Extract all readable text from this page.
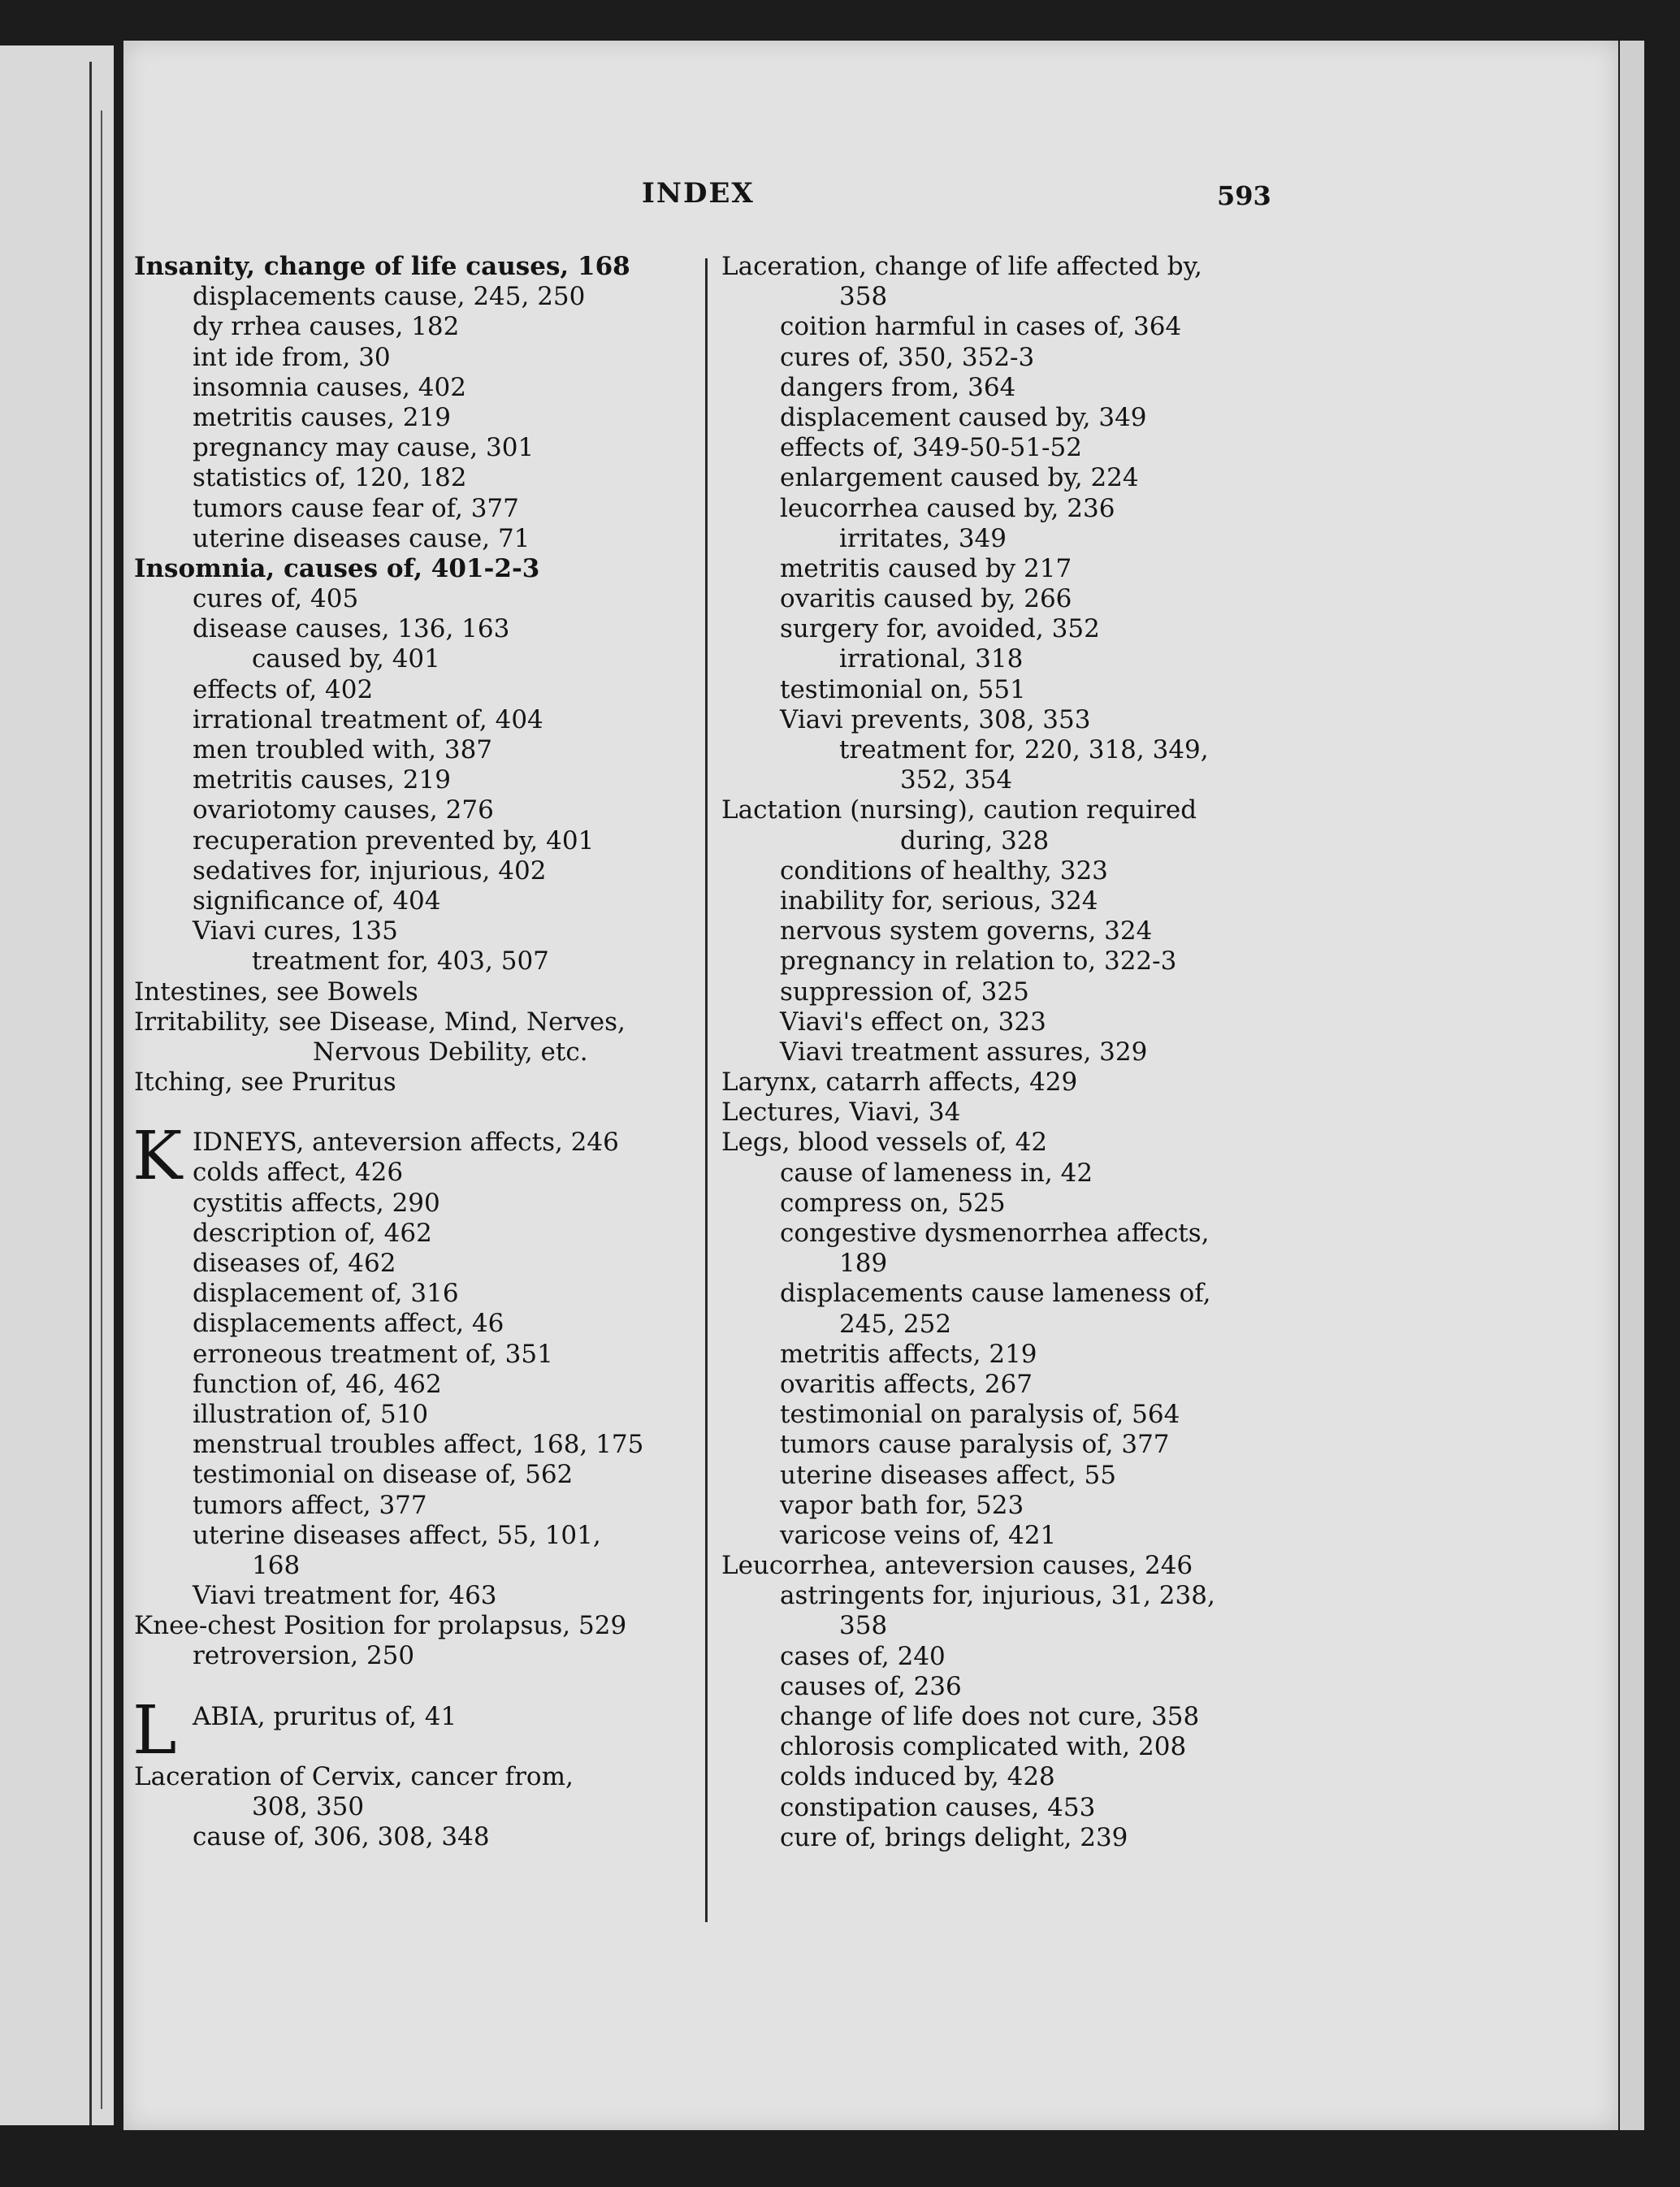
INDEX	593
Insanity, change of life causes, 168
displacements cause, 245, 250
dy rrhea causes, 182
int ide from, 30
insomnia causes, 402
metritis causes, 219
pregnancy may cause, 301
statistics of, 120, 182
tumors cause fear of, 377
uterine diseases cause, 71
Insomnia, causes of, 401-2-3
cures of, 405
disease causes, 136, 163
caused by, 401
effects of, 402
irrational treatment of, 404
men troubled with, 387
metritis causes, 219
ovariotomy causes, 276
recuperation prevented by, 401
sedatives for, injurious, 402
significance of, 404
Viavi cures, 135
treatment for, 403, 507
Intestines, see Bowels
Irritability, see Disease, Mind, Nerves,
Nervous Debility, etc.
Itching, see Pruritus
K IDNEYS, anteversion affects, 246
colds affect, 426
cystitis affects, 290
description of, 462
diseases of, 462
displacement of, 316
displacements affect, 46
erroneous treatment of, 351
function of, 46, 462
illustration of, 510
menstrual troubles affect, 168, 175
testimonial on disease of, 562
tumors affect, 377
uterine diseases affect, 55, 101,
168
Viavi treatment for, 463
Knee-chest Position for prolapsus, 529
retroversion, 250
L ABIA, pruritus of, 41
Laceration of Cervix, cancer from,
308, 350
cause of, 306, 308, 348
Laceration, change of life affected by,
358
coition harmful in cases of, 364
cures of, 350, 352-3
dangers from, 364
displacement caused by, 349
effects of, 349-50-51-52
enlargement caused by, 224
leucorrhea caused by, 236
irritates, 349
metritis caused by 217
ovaritis caused by, 266
surgery for, avoided, 352
irrational, 318
testimonial on, 551
Viavi prevents, 308, 353
treatment for, 220, 318, 349,
352, 354
Lactation (nursing), caution required
during, 328
conditions of healthy, 323
inability for, serious, 324
nervous system governs, 324
pregnancy in relation to, 322-3
suppression of, 325
Viavi's effect on, 323
Viavi treatment assures, 329
Larynx, catarrh affects, 429
Lectures, Viavi, 34
Legs, blood vessels of, 42
cause of lameness in, 42
compress on, 525
congestive dysmenorrhea affects,
189
displacements cause lameness of,
245, 252
metritis affects, 219
ovaritis affects, 267
testimonial on paralysis of, 564
tumors cause paralysis of, 377
uterine diseases affect, 55
vapor bath for, 523
varicose veins of, 421
Leucorrhea, anteversion causes, 246
astringents for, injurious, 31, 238,
358
cases of, 240
causes of, 236
change of life does not cure, 358
chlorosis complicated with, 208
colds induced by, 428
constipation causes, 453
cure of, brings delight, 239
